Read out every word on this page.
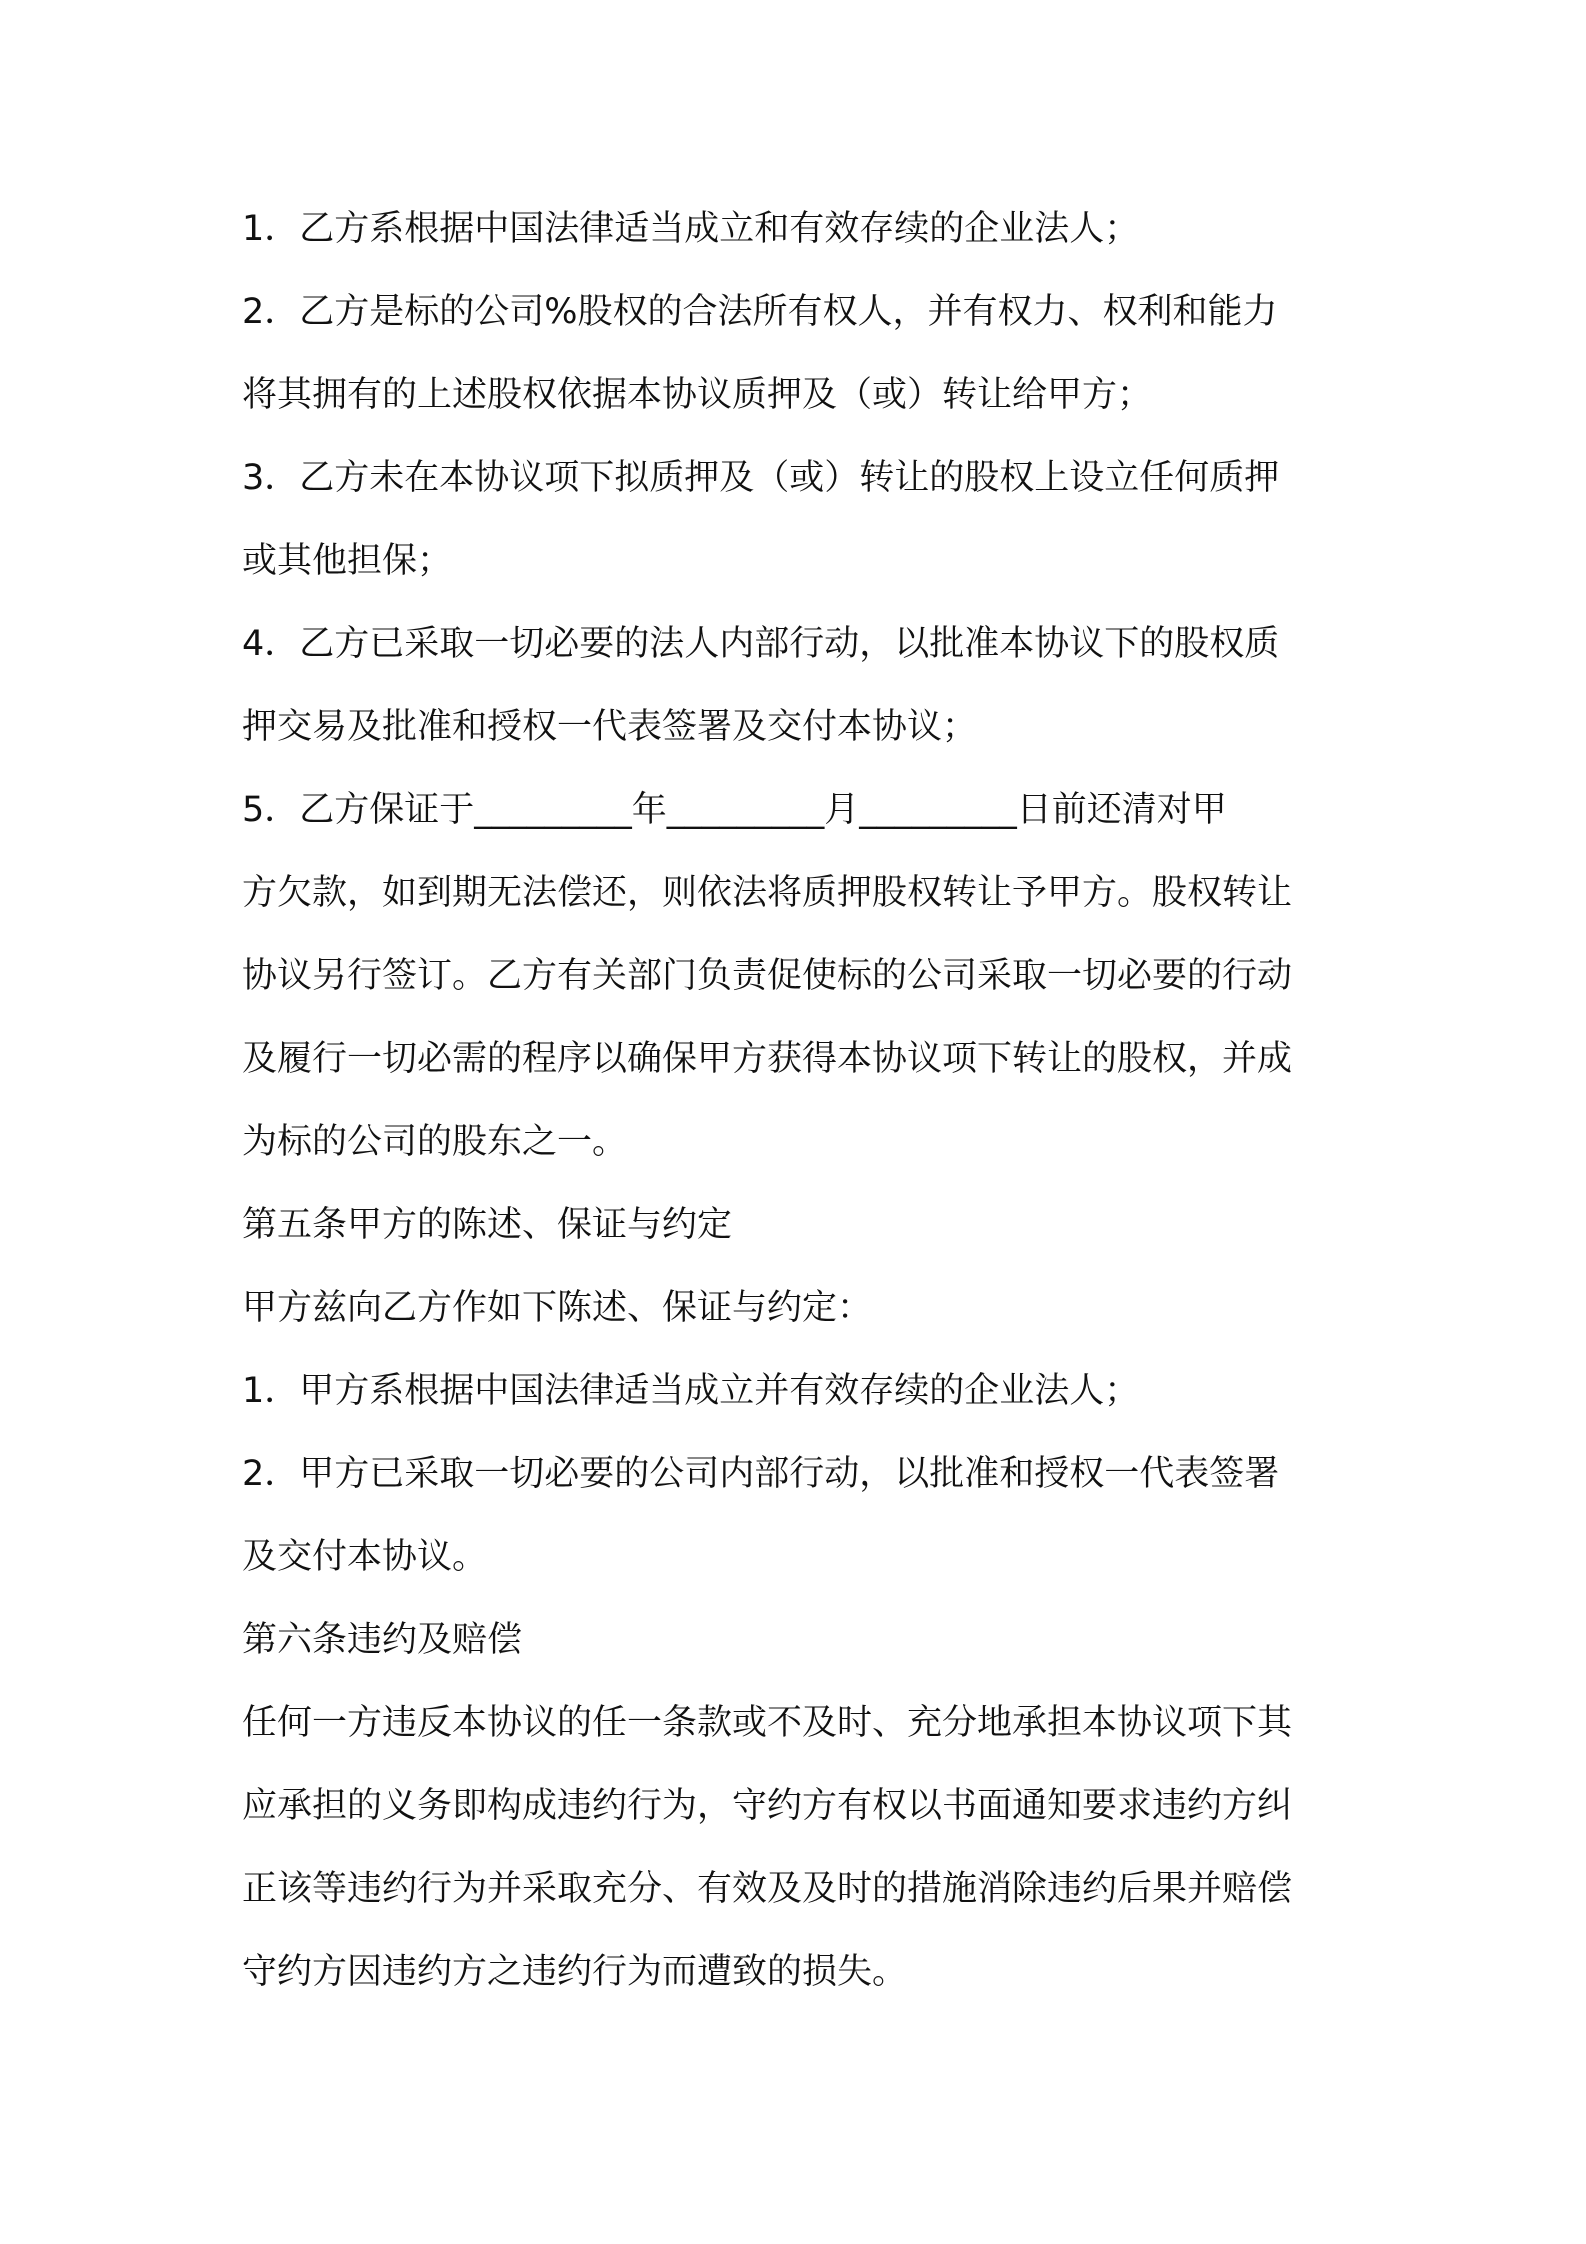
1．乙方系根据中国法律适当成立和有效存续的企业法人；
2．乙方是标的公司%股权的合法所有权人，并有权力、权利和能力
将其拥有的上述股权依据本协议质押及（或）转让给甲方；
3．乙方未在本协议项下拟质押及（或）转让的股权上设立任何质押
或其他担保；
4．乙方已采取一切必要的法人内部行动，以批准本协议下的股权质
押交易及批准和授权一代表签署及交付本协议；
5．乙方保证于_________年_________月_________日前还清对甲
方欠款，如到期无法偿还，则依法将质押股权转让予甲方。股权转让
协议另行签订。乙方有关部门负责促使标的公司采取一切必要的行动
及履行一切必需的程序以确保甲方获得本协议项下转让的股权，并成
为标的公司的股东之一。
第五条甲方的陈述、保证与约定
甲方兹向乙方作如下陈述、保证与约定：
1．甲方系根据中国法律适当成立并有效存续的企业法人；
2．甲方已采取一切必要的公司内部行动，以批准和授权一代表签署
及交付本协议。
第六条违约及赔偿
任何一方违反本协议的任一条款或不及时、充分地承担本协议项下其
应承担的义务即构成违约行为，守约方有权以书面通知要求违约方纠
正该等违约行为并采取充分、有效及及时的措施消除违约后果并赔偿
守约方因违约方之违约行为而遭致的损失。
